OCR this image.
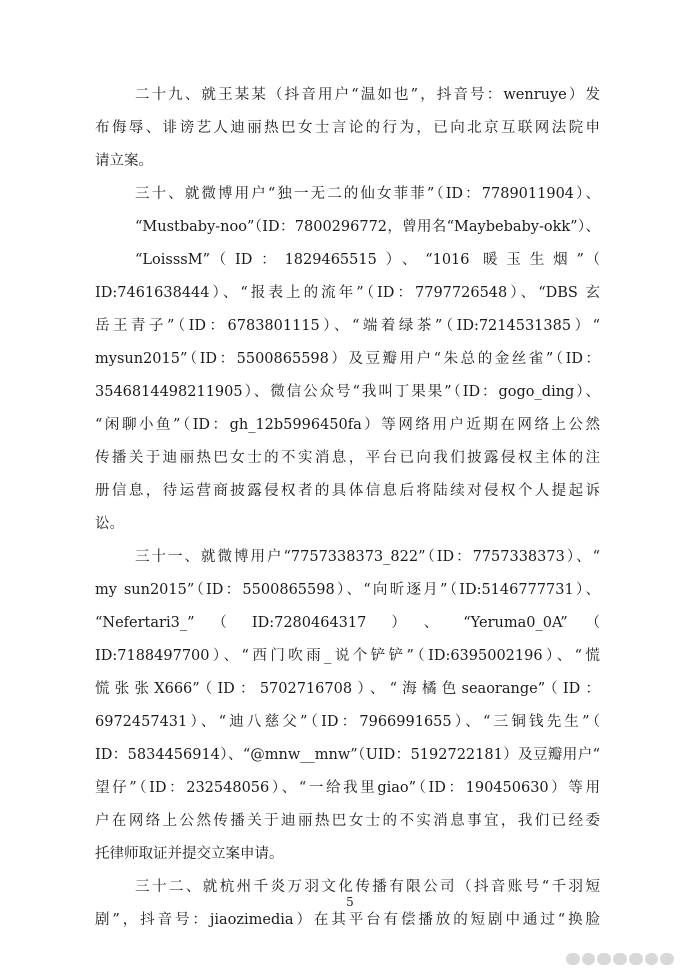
二十九、就王某某（抖音用户“温如也”，抖音号：wenruye）发
布侮辱、诽谤艺人迪丽热巴女士言论的行为，已向北京互联网法院申
请立案。
三十、就微博用户“独一无二的仙女菲菲”（ID：7789011904）、
“Mustbaby-noo”（ID：7800296772，曾用名“Maybebaby-okk”）、
“LoisssM”（ID：1829465515）、“1016 暖玉生烟”（
ID:7461638444）、“报表上的流年”（ID：7797726548）、“DBS 玄
岳王青子”（ID：6783801115）、“端着绿茶”（ID:7214531385）“
mysun2015”（ID：5500865598）及豆瓣用户“朱总的金丝雀”（ID：
3546814498211905）、微信公众号“我叫丁果果”（ID：gogo_ding）、
“闲聊小鱼”（ID：gh_12b5996450fa）等网络用户近期在网络上公然
传播关于迪丽热巴女士的不实消息，平台已向我们披露侵权主体的注
册信息，待运营商披露侵权者的具体信息后将陆续对侵权个人提起诉
讼。
三十一、就微博用户“7757338373_822”（ID：7757338373）、“
my sun2015”（ID：5500865598）、“向昕逐月”（ID:5146777731）、
“Nefertari3_”（ID:7280464317）、“Yeruma0_0A”（
ID:7188497700）、“西门吹雨_说个铲铲”（ID:6395002196）、“慌
慌张张X666”（ID：5702716708）、“海橘色seaorange”（ID：
6972457431）、“迪八慈父”（ID：7966991655）、“三铜钱先生”（
ID：5834456914）、“@mnw__mnw”（UID：5192722181）及豆瓣用户“
望仔”（ID：232548056）、“一给我里giao”（ID：190450630）等用
户在网络上公然传播关于迪丽热巴女士的不实消息事宜，我们已经委
托律师取证并提交立案申请。
三十二、就杭州千炎万羽文化传播有限公司（抖音账号“千羽短
剧”，抖音号：jiaozimedia）在其平台有偿播放的短剧中通过“换脸
5
